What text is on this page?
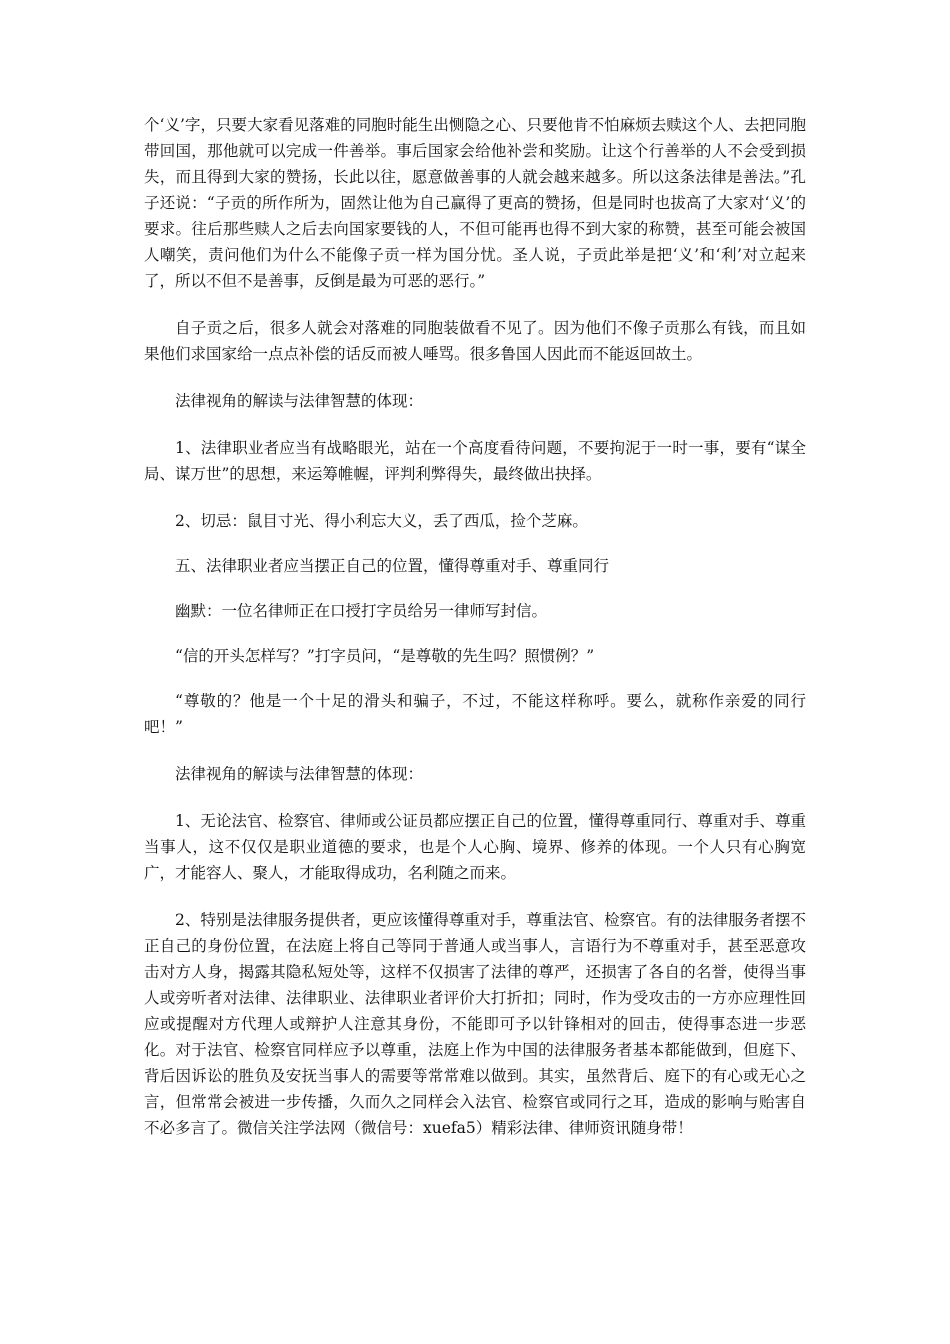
个‘义’字，只要大家看见落难的同胞时能生出恻隐之心、只要他肯不怕麻烦去赎这个人、去把同胞带回国，那他就可以完成一件善举。事后国家会给他补尝和奖励。让这个行善举的人不会受到损失，而且得到大家的赞扬，长此以往，愿意做善事的人就会越来越多。所以这条法律是善法。”孔子还说：“子贡的所作所为，固然让他为自己赢得了更高的赞扬，但是同时也拔高了大家对‘义’的要求。往后那些赎人之后去向国家要钱的人，不但可能再也得不到大家的称赞，甚至可能会被国人嘲笑，责问他们为什么不能像子贡一样为国分忧。圣人说，子贡此举是把‘义’和‘利’对立起来了，所以不但不是善事，反倒是最为可恶的恶行。”

自子贡之后，很多人就会对落难的同胞装做看不见了。因为他们不像子贡那么有钱，而且如果他们求国家给一点点补偿的话反而被人唾骂。很多鲁国人因此而不能返回故土。

法律视角的解读与法律智慧的体现：

1、法律职业者应当有战略眼光，站在一个高度看待问题，不要拘泥于一时一事，要有“谋全局、谋万世”的思想，来运筹帷幄，评判利弊得失，最终做出抉择。

2、切忌：鼠目寸光、得小利忘大义，丢了西瓜，捡个芝麻。

五、法律职业者应当摆正自己的位置，懂得尊重对手、尊重同行

幽默：一位名律师正在口授打字员给另一律师写封信。

“信的开头怎样写？”打字员问，“是尊敬的先生吗？照惯例？”

“尊敬的？他是一个十足的滑头和骗子，不过，不能这样称呼。要么，就称作亲爱的同行吧！”

法律视角的解读与法律智慧的体现：

1、无论法官、检察官、律师或公证员都应摆正自己的位置，懂得尊重同行、尊重对手、尊重当事人，这不仅仅是职业道德的要求，也是个人心胸、境界、修养的体现。一个人只有心胸宽广，才能容人、聚人，才能取得成功，名利随之而来。

2、特别是法律服务提供者，更应该懂得尊重对手，尊重法官、检察官。有的法律服务者摆不正自己的身份位置，在法庭上将自己等同于普通人或当事人，言语行为不尊重对手，甚至恶意攻击对方人身，揭露其隐私短处等，这样不仅损害了法律的尊严，还损害了各自的名誉，使得当事人或旁听者对法律、法律职业、法律职业者评价大打折扣；同时，作为受攻击的一方亦应理性回应或提醒对方代理人或辩护人注意其身份，不能即可予以针锋相对的回击，使得事态进一步恶化。对于法官、检察官同样应予以尊重，法庭上作为中国的法律服务者基本都能做到，但庭下、背后因诉讼的胜负及安抚当事人的需要等常常难以做到。其实，虽然背后、庭下的有心或无心之言，但常常会被进一步传播，久而久之同样会入法官、检察官或同行之耳，造成的影响与贻害自不必多言了。微信关注学法网（微信号：xuefa5）精彩法律、律师资讯随身带！
